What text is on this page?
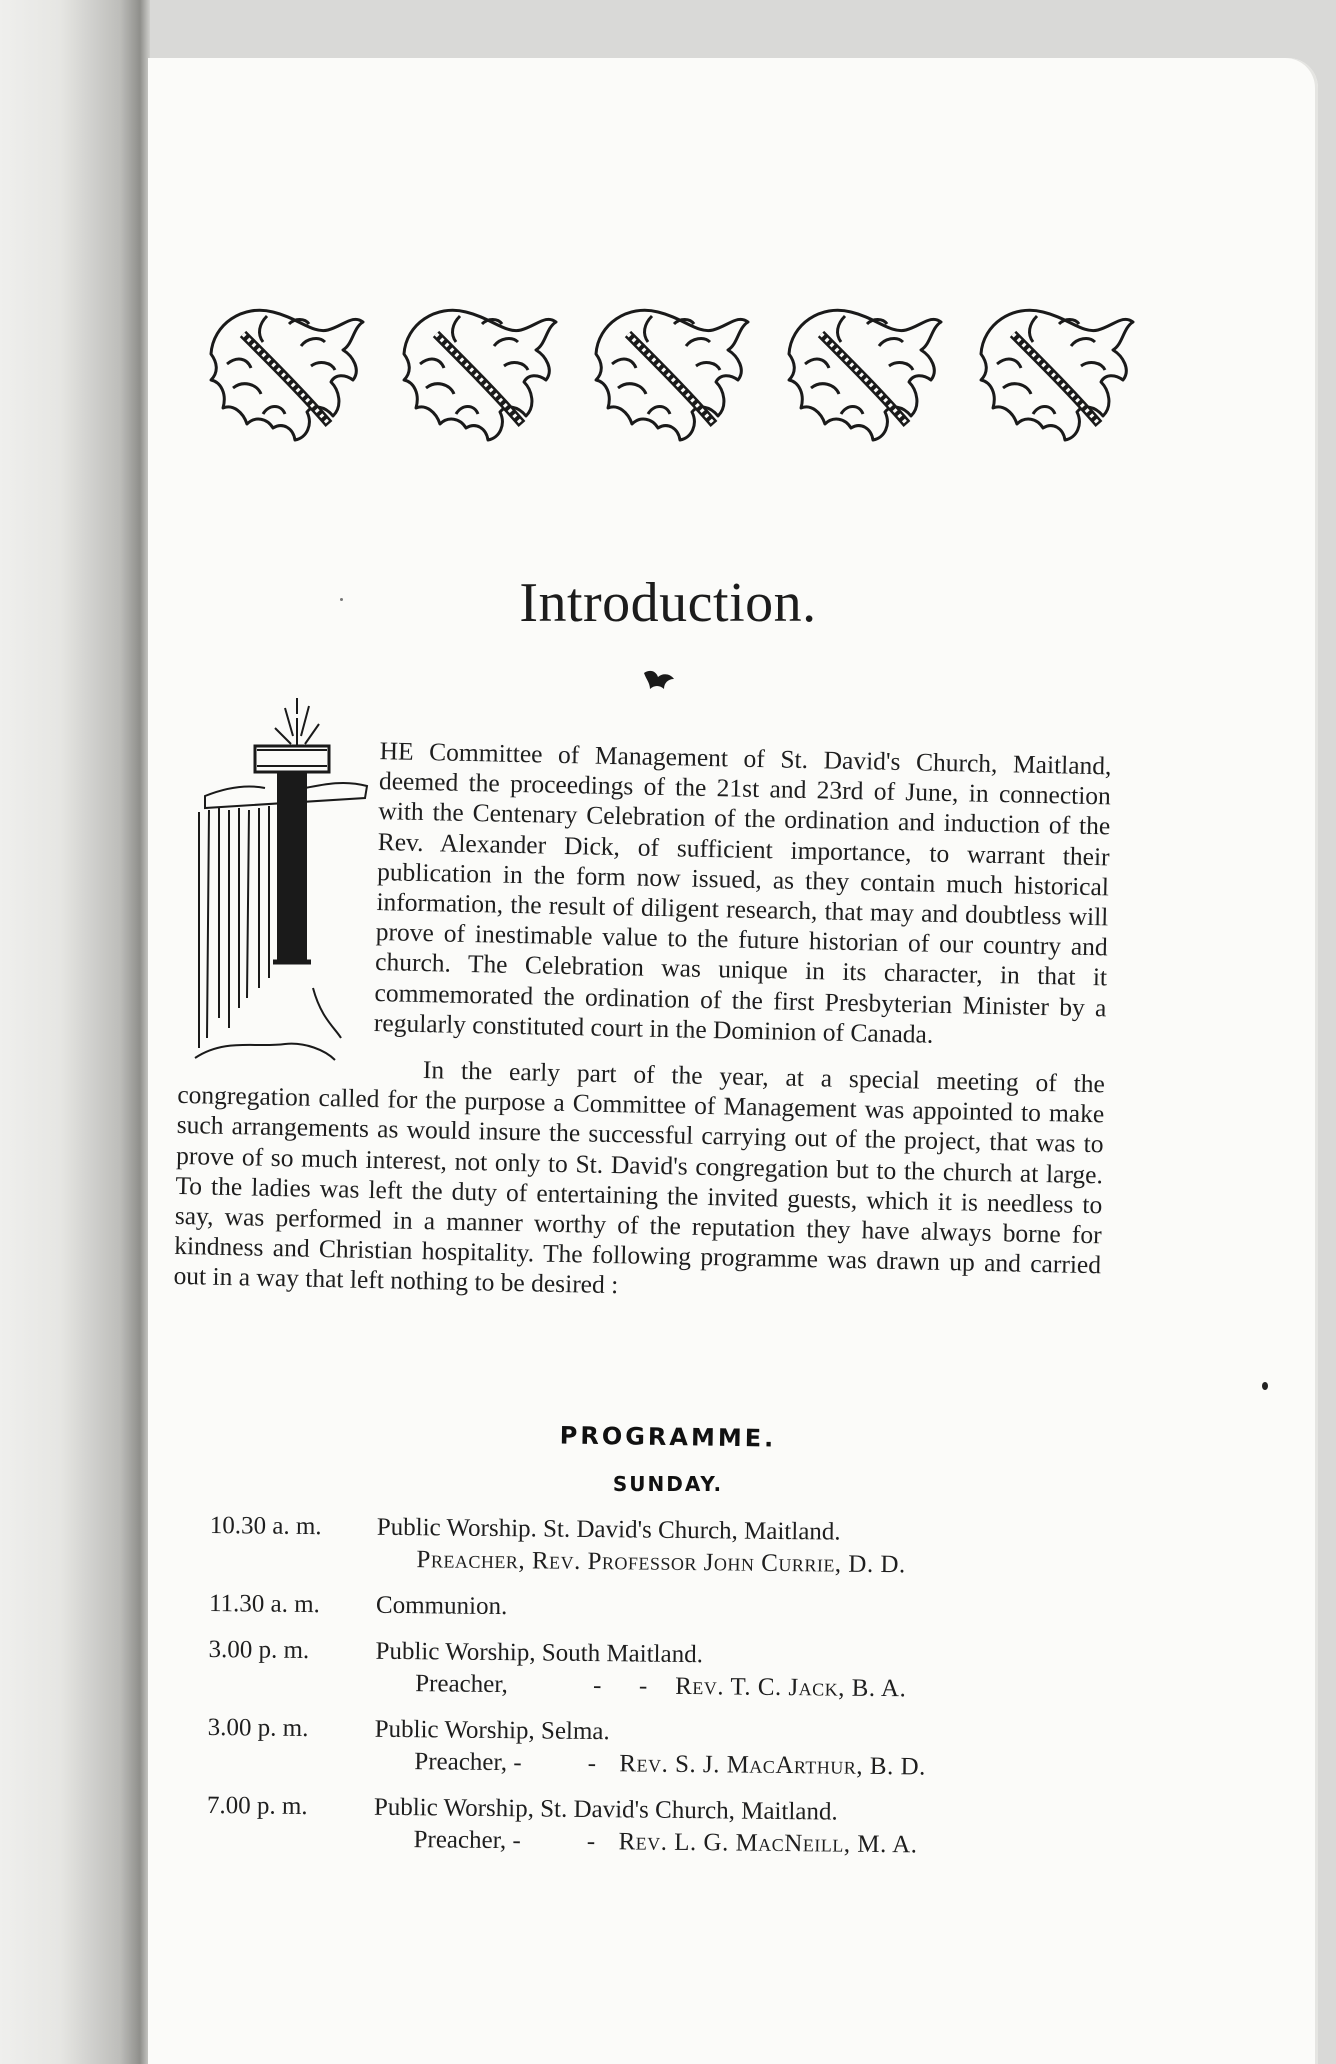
Introduction.

HE Committee of Management of St. David's Church, Maitland, deemed the proceedings of the 21st and 23rd of June, in connection with the Centenary Celebration of the ordination and induction of the Rev. Alexander Dick, of sufficient importance, to warrant their publication in the form now issued, as they contain much historical information, the result of diligent research, that may and doubtless will prove of inestimable value to the future historian of our country and church. The Celebration was unique in its character, in that it commemorated the ordination of the first Presbyterian Minister by a regularly constituted court in the Dominion of Canada.

In the early part of the year, at a special meeting of the congregation called for the purpose a Committee of Management was appointed to make such arrangements as would insure the successful carrying out of the project, that was to prove of so much interest, not only to St. David's congregation but to the church at large. To the ladies was left the duty of entertaining the invited guests, which it is needless to say, was performed in a manner worthy of the reputation they have always borne for kindness and Christian hospitality. The following programme was drawn up and carried out in a way that left nothing to be desired :

PROGRAMME.
SUNDAY.
10.30 a. m.	Public Worship. St. David's Church, Maitland.
Preacher, Rev. Professor John Currie, D. D.
11.30 a. m.	Communion.
3.00 p. m.	Public Worship, South Maitland.
Preacher,	-      -	Rev. T. C. Jack, B. A.
3.00 p. m.	Public Worship, Selma.
Preacher, -	- Rev. S. J. MacArthur, B. D.
7.00 p. m.	Public Worship, St. David's Church, Maitland.
Preacher, -	- Rev. L. G. MacNeill, M. A.
